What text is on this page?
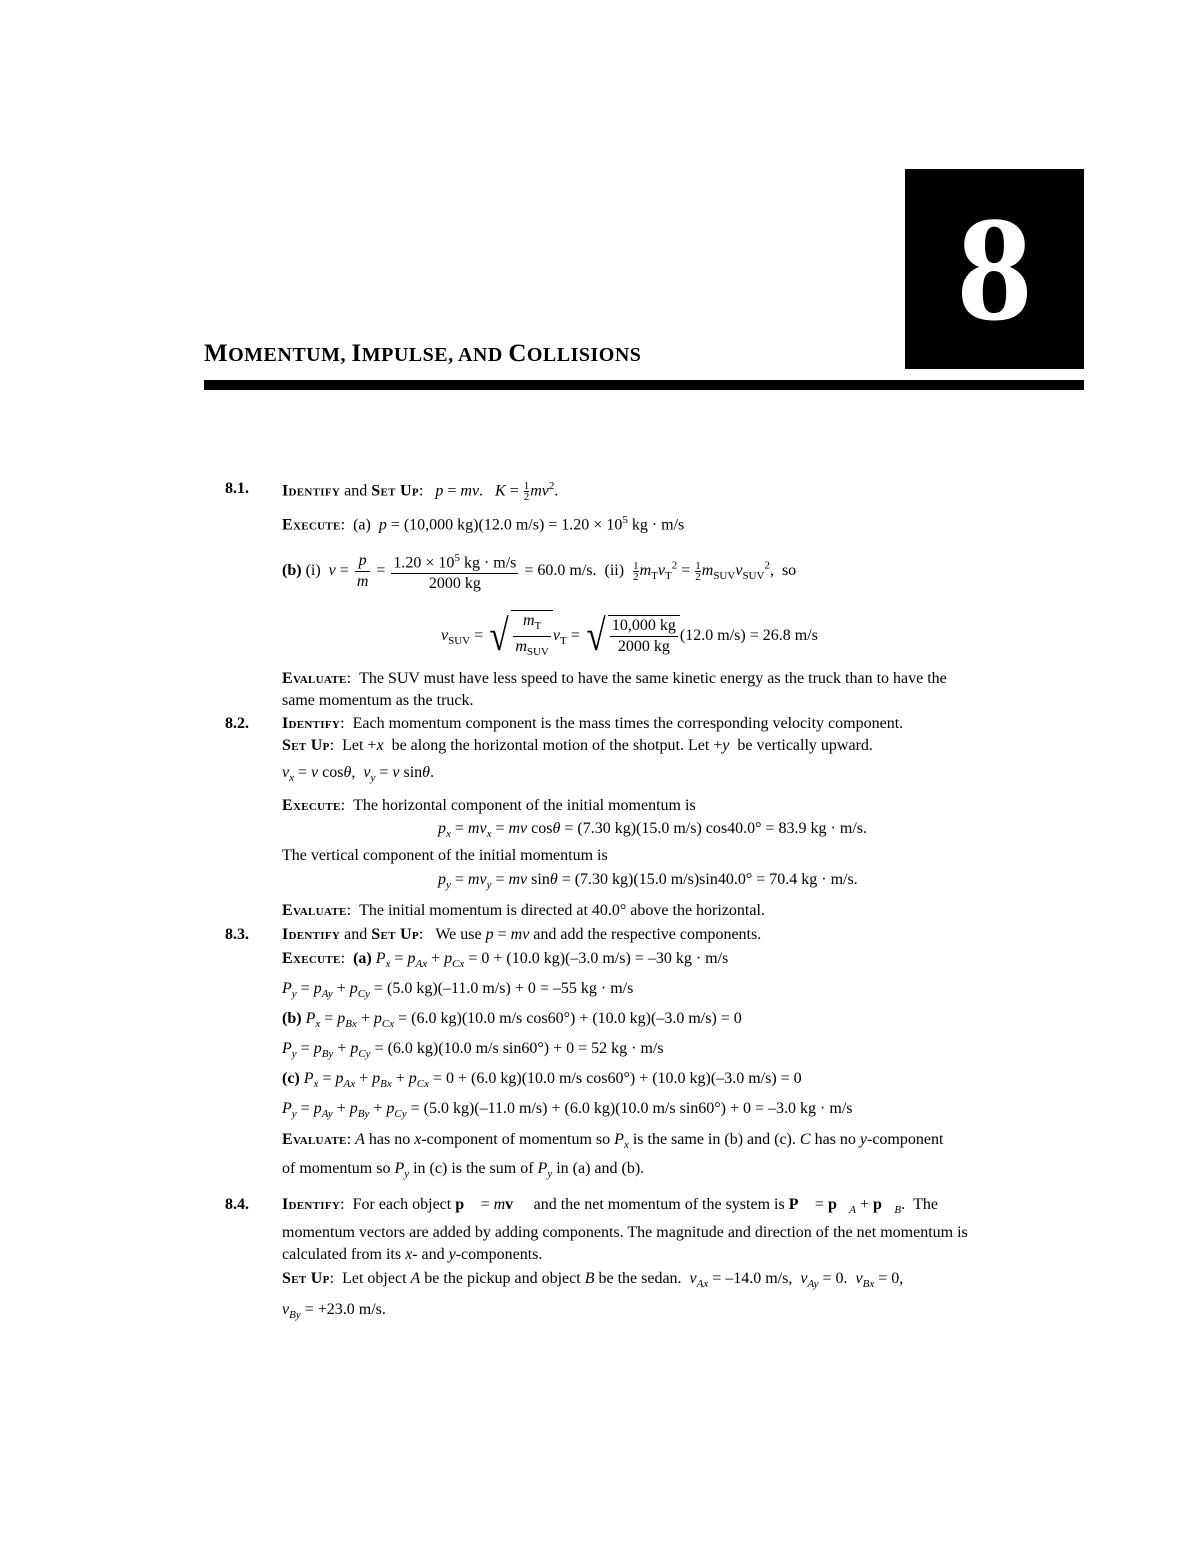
8
MOMENTUM, IMPULSE, AND COLLISIONS
8.1.
8.2.
8.3.
8.4.
Identify and Set Up:   p = mv.   $K = \frac{1}{2} mv^2$.
Execute:  (a)  p = (10,000 kg)(12.0 $m/s) = 1.20 \times 10^5$ kg · m/s
(b) (i)  $v = \frac{p}{m} = \frac{1.20 \times 10^5 kg \cdot m/s}{2000 kg} = 60.0$ m/s.  $(ii) \frac{1}{2} m_Tv_T^2 = \frac{1}{2} m_{SUV}v_{SUV}^2$,  so
$v_{SUV}$ = √ $\frac{m_T}{m_{SUV}} v_T$ = √ $\frac{10,000 kg}{2000 kg} (12.0$ m/s) = 26.8 m/s
Evaluate:  The SUV must have less speed to have the same kinetic energy as the truck than to have the
same momentum as the truck.
Identify:  Each momentum component is the mass times the corresponding velocity component.
Set Up:  Let +x  be along the horizontal motion of the shotput. Let +y  be vertically upward.
$v_x = v$ cosθ,  $v_y = v$ sinθ.
Execute:  The horizontal component of the initial momentum is
$p_x = mv_x$ = mv cosθ = (7.30 kg)(15.0 m/s) cos40.0° = 83.9 kg · m/s.
The vertical component of the initial momentum is
$p_y = mv_y$ = mv sinθ = (7.30 kg)(15.0 m/s)sin40.0° = 70.4 kg · m/s.
Evaluate:  The initial momentum is directed at 40.0° above the horizontal.
Identify and Set Up:   We use p = mv and add the respective components.
Execute:  (a) $P_x = p_{Ax} + p_{Cx} = 0 + (10.0$ kg)(–3.0 m/s) = –30 kg · m/s
$P_y = p_{Ay} + p_{Cy} = (5.0$ kg)(–11.0 m/s) + 0 = –55 kg · m/s
(b) $P_x = p_{Bx} + p_{Cx} = (6.0$ kg)(10.0 m/s cos60°) + (10.0 kg)(–3.0 m/s) = 0
$P_y = p_{By} + p_{Cy} = (6.0$ kg)(10.0 m/s sin60°) + 0 = 52 kg · m/s
(c) $P_x = p_{Ax} + p_{Bx} + p_{Cx} = 0 + (6.0$ kg)(10.0 m/s cos60°) + (10.0 kg)(–3.0 m/s) = 0
$P_y = p_{Ay} + p_{By} + p_{Cy} = (5.0$ kg)(–11.0 m/s) + (6.0 kg)(10.0 m/s sin60°) + 0 = –3.0 kg · m/s
Evaluate: A has no x-component of momentum so $P_x$ is the same in (b) and (c). C has no y-component
of momentum so $P_y$ in (c) is the sum of $P_y$ in (a) and (b).
Identify:  For each object p⃗ = mv⃗  and the net momentum of the system is P⃗ = $p⃗_A$ + $p⃗_B$.  The
momentum vectors are added by adding components. The magnitude and direction of the net momentum is
calculated from its x- and y-components.
Set Up:  Let object A be the pickup and object B be the sedan.  $v_{Ax} = -14.0$ m/s,  $v_{Ay} = 0$.  $v_{Bx} = 0$,
$v_{By} = +23.0$ m/s.
